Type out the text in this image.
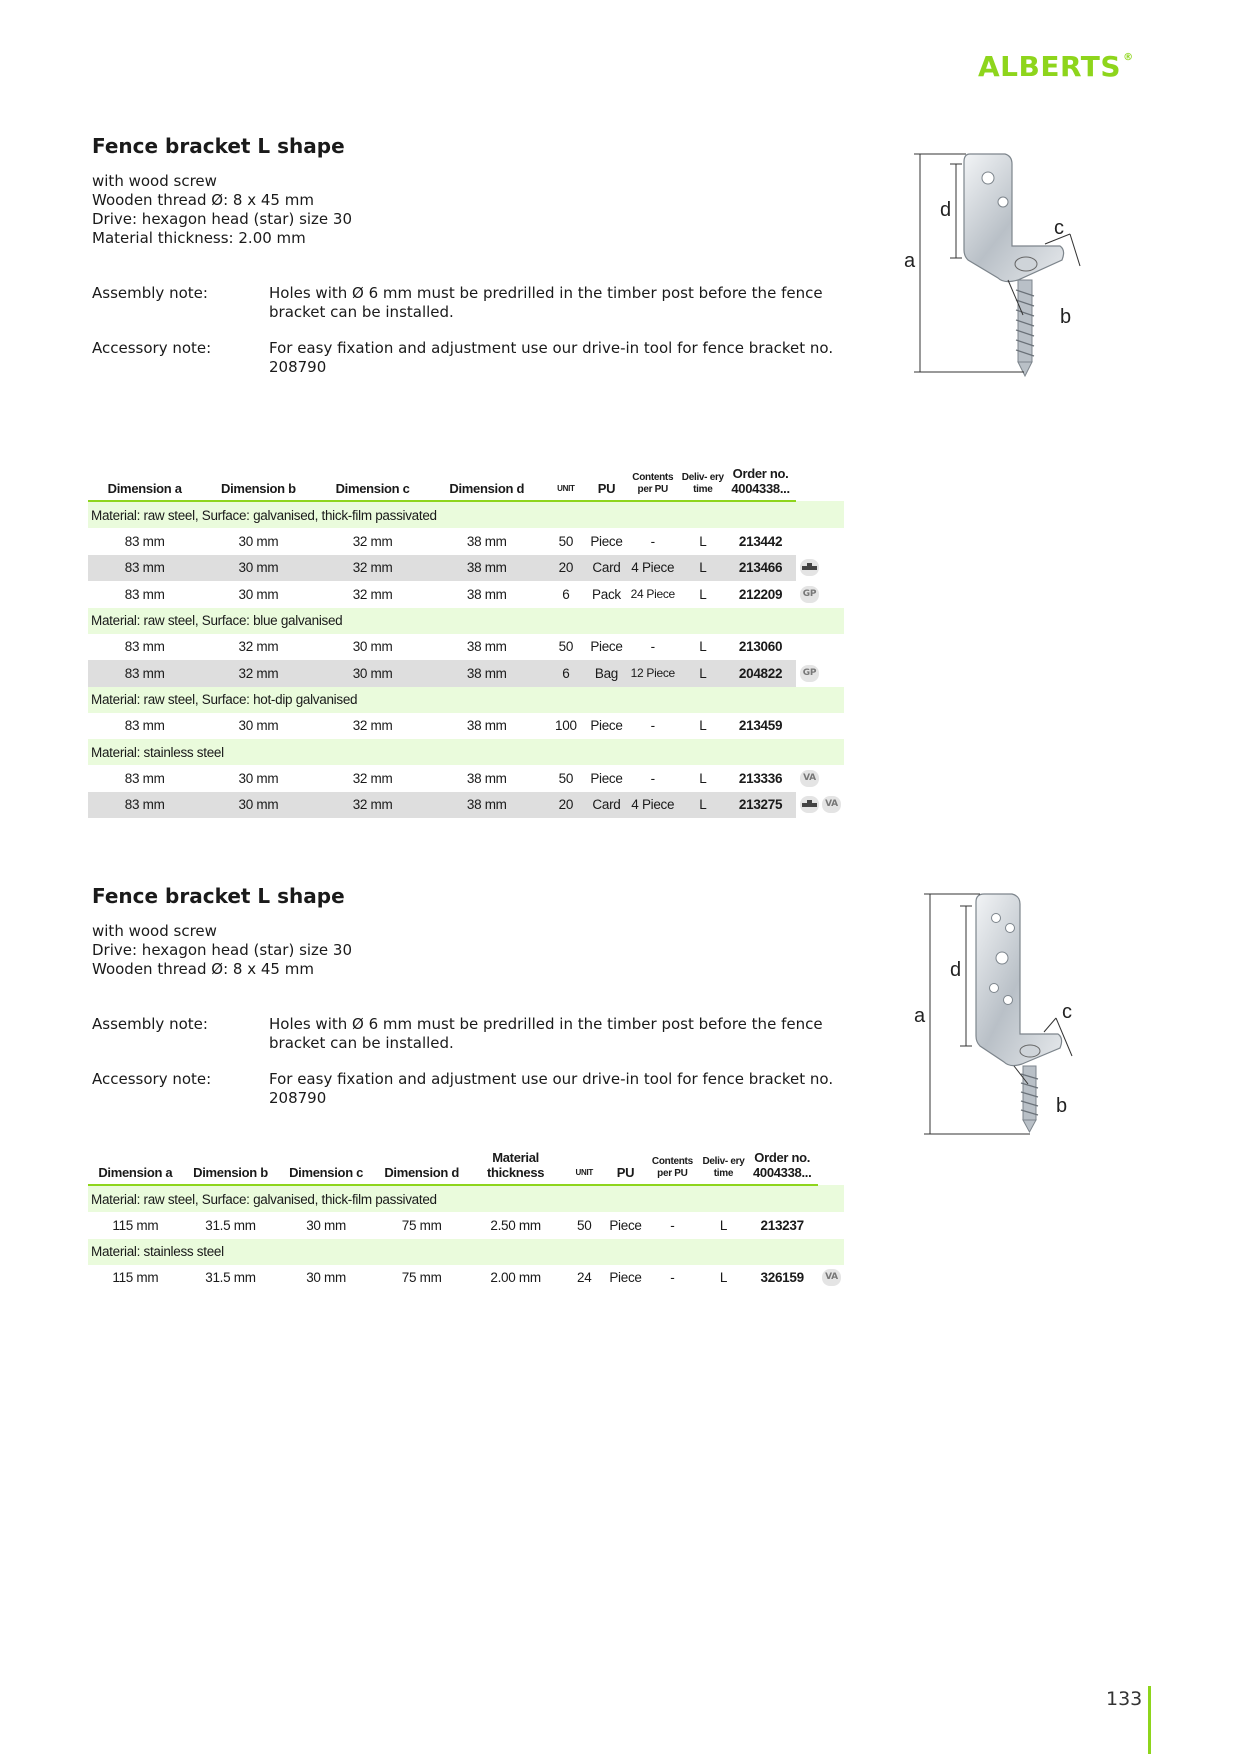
ALBERTS ®
Fence bracket L shape
with wood screw
Wooden thread Ø: 8 x 45 mm
Drive: hexagon head (star) size 30
Material thickness: 2.00 mm
Assembly note:	Holes with Ø 6 mm must be predrilled in the timber post before the fence bracket can be installed.
Accessory note:	For easy fixation and adjustment use our drive-in tool for fence bracket no. 208790
a
d
c
b
Dimension a	Dimension b	Dimension c	Dimension d	UNIT	PU	Contents per PU	Deliv- ery time	Order no. 4004338...	
Material: raw steel, Surface: galvanised, thick-film passivated									
83 mm	30 mm	32 mm	38 mm	50	Piece	-	L	213442	
83 mm	30 mm	32 mm	38 mm	20	Card	4 Piece	L	213466	
83 mm	30 mm	32 mm	38 mm	6	Pack	24 Piece	L	212209	GP
Material: raw steel, Surface: blue galvanised									
83 mm	32 mm	30 mm	38 mm	50	Piece	-	L	213060	
83 mm	32 mm	30 mm	38 mm	6	Bag	12 Piece	L	204822	GP
Material: raw steel, Surface: hot-dip galvanised									
83 mm	30 mm	32 mm	38 mm	100	Piece	-	L	213459	
Material: stainless steel									
83 mm	30 mm	32 mm	38 mm	50	Piece	-	L	213336	VA
83 mm	30 mm	32 mm	38 mm	20	Card	4 Piece	L	213275	VA
Fence bracket L shape
with wood screw
Drive: hexagon head (star) size 30
Wooden thread Ø: 8 x 45 mm
Assembly note:	Holes with Ø 6 mm must be predrilled in the timber post before the fence bracket can be installed.
Accessory note:	For easy fixation and adjustment use our drive-in tool for fence bracket no. 208790
a
d
c
b
Dimension a	Dimension b	Dimension c	Dimension d	Material thickness	UNIT	PU	Contents per PU	Deliv- ery time	Order no. 4004338...	
Material: raw steel, Surface: galvanised, thick-film passivated										
115 mm	31.5 mm	30 mm	75 mm	2.50 mm	50	Piece	-	L	213237	
Material: stainless steel										
115 mm	31.5 mm	30 mm	75 mm	2.00 mm	24	Piece	-	L	326159	VA
133
